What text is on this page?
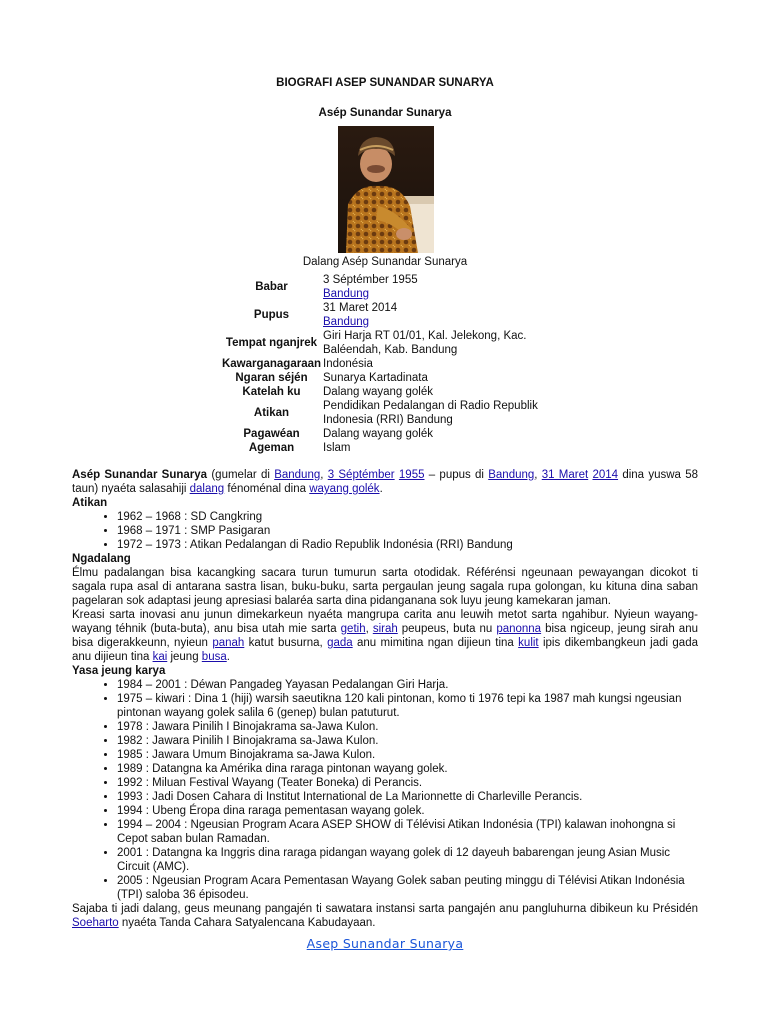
BIOGRAFI ASEP SUNANDAR SUNARYA
Asép Sunandar Sunarya
Dalang Asép Sunandar Sunarya
Babar	3 Séptémber 1955
Bandung

Pupus	31 Maret 2014
Bandung

Tempat nganjrek	Giri Harja RT 01/01, Kal. Jelekong, Kac.
Baléendah, Kab. Bandung

Kawarganagaraan	Indonésia

Ngaran séjén	Sunarya Kartadinata

Katelah ku	Dalang wayang golék

Atikan	Pendidikan Pedalangan di Radio Republik
Indonesia (RRI) Bandung

Pagawéan	Dalang wayang golék

Ageman	Islam

Asép Sunandar Sunarya (gumelar di Bandung, 3 Séptémber 1955 – pupus di Bandung, 31 Maret 2014 dina yuswa 58 taun) nyaéta salasahiji dalang fénoménal dina wayang golék.

Atikan

• 1962 – 1968 : SD Cangkring
• 1968 – 1971 : SMP Pasigaran
• 1972 – 1973 : Atikan Pedalangan di Radio Republik Indonésia (RRI) Bandung

Ngadalang

Élmu padalangan bisa kacangking sacara turun tumurun sarta otodidak. Référénsi ngeunaan pewayangan dicokot ti sagala rupa asal di antarana sastra lisan, buku-buku, sarta pergaulan jeung sagala rupa golongan, ku kituna dina saban pagelaran sok adaptasi jeung apresiasi balaréa sarta dina pidanganana sok luyu jeung kamekaran jaman.

Kreasi sarta inovasi anu junun dimekarkeun nyaéta mangrupa carita anu leuwih metot sarta ngahibur. Nyieun wayang-wayang téhnik (buta-buta), anu bisa utah mie sarta getih, sirah peupeus, buta nu panonna bisa ngiceup, jeung sirah anu bisa digerakkeunn, nyieun panah katut busurna, gada anu mimitina ngan dijieun tina kulit ipis dikembangkeun jadi gada anu dijieun tina kai jeung busa.

Yasa jeung karya

• 1984 – 2001 : Déwan Pangadeg Yayasan Pedalangan Giri Harja.
• 1975 – kiwari : Dina 1 (hiji) warsih saeutikna 120 kali pintonan, komo ti 1976 tepi ka 1987 mah kungsi ngeusian pintonan wayang golek salila 6 (genep) bulan patuturut.
• 1978 : Jawara Pinilih I Binojakrama sa-Jawa Kulon.
• 1982 : Jawara Pinilih I Binojakrama sa-Jawa Kulon.
• 1985 : Jawara Umum Binojakrama sa-Jawa Kulon.
• 1989 : Datangna ka Amérika dina raraga pintonan wayang golek.
• 1992 : Miluan Festival Wayang (Teater Boneka) di Perancis.
• 1993 : Jadi Dosen Cahara di Institut International de La Marionnette di Charleville Perancis.
• 1994 : Ubeng Éropa dina raraga pementasan wayang golek.
• 1994 – 2004 : Ngeusian Program Acara ASEP SHOW di Télévisi Atikan Indonésia (TPI) kalawan inohongna si Cepot saban bulan Ramadan.
• 2001 : Datangna ka Inggris dina raraga pidangan wayang golek di 12 dayeuh babarengan jeung Asian Music Circuit (AMC).
• 2005 : Ngeusian Program Acara Pementasan Wayang Golek saban peuting minggu di Télévisi Atikan Indonésia (TPI) saloba 36 épisodeu.

Sajaba ti jadi dalang, geus meunang pangajén ti sawatara instansi sarta pangajén anu pangluhurna dibikeun ku Présidén Soeharto nyaéta Tanda Cahara Satyalencana Kabudayaan.

Asep Sunandar Sunarya
